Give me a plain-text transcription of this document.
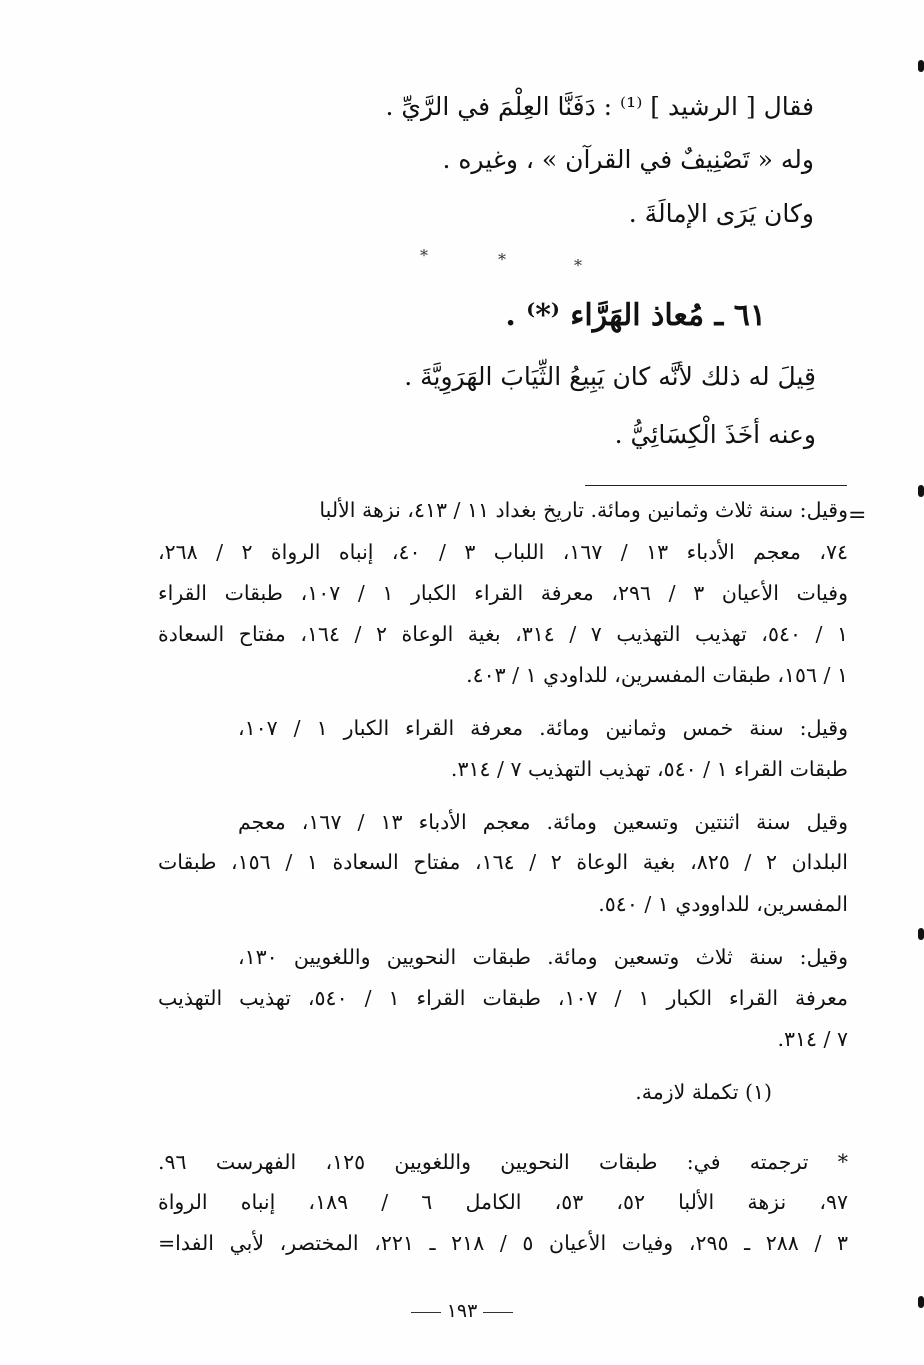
فقال [ الرشيد ] ⁽¹⁾ : دَفَنَّا العِلْمَ في الرَّيِّ .

وله « تَصْنِيفٌ في القرآن » ، وغيره .

وكان يَرَى الإمالَةَ .

*	*	*

٦١ ـ مُعاذ الهَرَّاء ⁽*⁾ .

قِيلَ له ذلك لأنَّه كان يَبِيعُ الثِّيَابَ الهَرَوِيَّةَ .

وعنه أخَذَ الْكِسَائِيُّ .

=

وقيل: سنة ثلاث وثمانين ومائة. تاريخ بغداد ١١ / ٤١٣، نزهة الألبا

٧٤، معجم الأدباء ١٣ / ١٦٧، اللباب ٣ / ٤٠، إنباه الرواة ٢ / ٢٦٨،

وفيات الأعيان ٣ / ٢٩٦، معرفة القراء الكبار ١ / ١٠٧، طبقات القراء

١ / ٥٤٠، تهذيب التهذيب ٧ / ٣١٤، بغية الوعاة ٢ / ١٦٤، مفتاح السعادة

١ / ١٥٦، طبقات المفسرين، للداودي ١ / ٤٠٣.

وقيل: سنة خمس وثمانين ومائة. معرفة القراء الكبار ١ / ١٠٧،

طبقات القراء ١ / ٥٤٠، تهذيب التهذيب ٧ / ٣١٤.

وقيل سنة اثنتين وتسعين ومائة. معجم الأدباء ١٣ / ١٦٧، معجم

البلدان ٢ / ٨٢٥، بغية الوعاة ٢ / ١٦٤، مفتاح السعادة ١ / ١٥٦، طبقات

المفسرين، للداوودي ١ / ٥٤٠.

وقيل: سنة ثلاث وتسعين ومائة. طبقات النحويين واللغويين ١٣٠،

معرفة القراء الكبار ١ / ١٠٧، طبقات القراء ١ / ٥٤٠، تهذيب التهذيب

٧ / ٣١٤.

(١) تكملة لازمة.

* ترجمته في: طبقات النحويين واللغويين ١٢٥، الفهرست ٩٦.

٩٧، نزهة الألبا ٥٢، ٥٣، الكامل ٦ / ١٨٩، إنباه الرواة

٣ / ٢٨٨ ـ ٢٩٥، وفيات الأعيان ٥ / ٢١٨ ـ ٢٢١، المختصر، لأبي الفدا=

١٩٣
